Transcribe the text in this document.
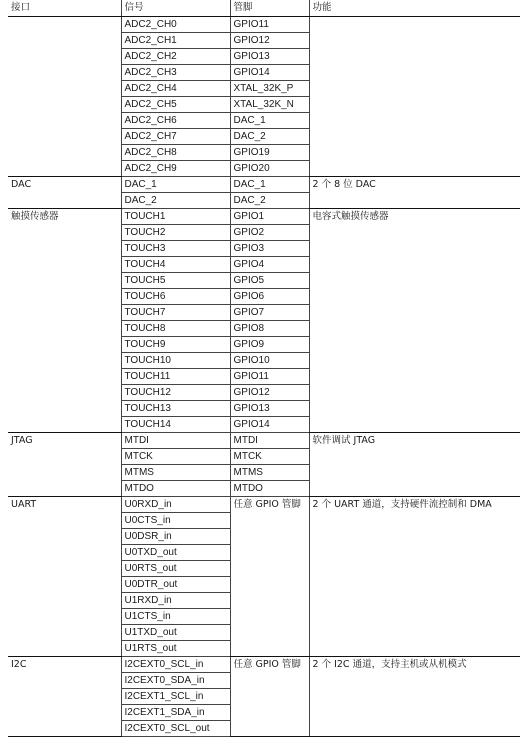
接口	信号	管脚	功能
	ADC2_CH0	GPIO11	
	ADC2_CH1	GPIO12	
	ADC2_CH2	GPIO13	
	ADC2_CH3	GPIO14	
	ADC2_CH4	XTAL_32K_P	
	ADC2_CH5	XTAL_32K_N	
	ADC2_CH6	DAC_1	
	ADC2_CH7	DAC_2	
	ADC2_CH8	GPIO19	
	ADC2_CH9	GPIO20	
DAC	DAC_1	DAC_1	2 个 8 位 DAC
	DAC_2	DAC_2	
触摸传感器	TOUCH1	GPIO1	电容式触摸传感器
	TOUCH2	GPIO2	
	TOUCH3	GPIO3	
	TOUCH4	GPIO4	
	TOUCH5	GPIO5	
	TOUCH6	GPIO6	
	TOUCH7	GPIO7	
	TOUCH8	GPIO8	
	TOUCH9	GPIO9	
	TOUCH10	GPIO10	
	TOUCH11	GPIO11	
	TOUCH12	GPIO12	
	TOUCH13	GPIO13	
	TOUCH14	GPIO14	
JTAG	MTDI	MTDI	软件调试 JTAG
	MTCK	MTCK	
	MTMS	MTMS	
	MTDO	MTDO	
UART	U0RXD_in	任意 GPIO 管脚	2 个 UART 通道，支持硬件流控制和 DMA
	U0CTS_in		
	U0DSR_in		
	U0TXD_out		
	U0RTS_out		
	U0DTR_out		
	U1RXD_in		
	U1CTS_in		
	U1TXD_out		
	U1RTS_out		
I2C	I2CEXT0_SCL_in	任意 GPIO 管脚	2 个 I2C 通道，支持主机或从机模式
	I2CEXT0_SDA_in		
	I2CEXT1_SCL_in		
	I2CEXT1_SDA_in		
	I2CEXT0_SCL_out		
